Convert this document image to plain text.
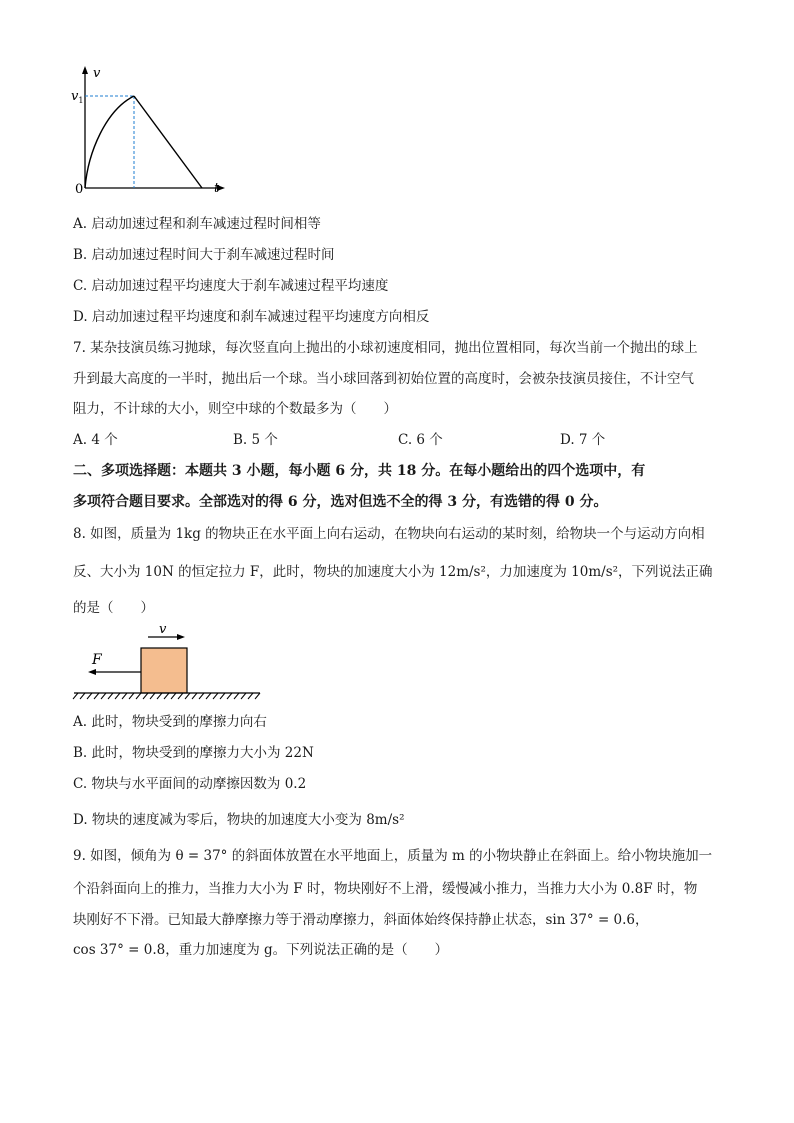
v
$v_1$
0	t
A. 启动加速过程和刹车减速过程时间相等
B. 启动加速过程时间大于刹车减速过程时间
C. 启动加速过程平均速度大于刹车减速过程平均速度
D. 启动加速过程平均速度和刹车减速过程平均速度方向相反
7. 某杂技演员练习抛球，每次竖直向上抛出的小球初速度相同，抛出位置相同，每次当前一个抛出的球上
升到最大高度的一半时，抛出后一个球。当小球回落到初始位置的高度时，会被杂技演员接住，不计空气
阻力，不计球的大小，则空中球的个数最多为（　　）
A. 4 个	B. 5 个	C. 6 个	D. 7 个
二、多项选择题：本题共 3 小题，每小题 6 分，共 18 分。在每小题给出的四个选项中，有
多项符合题目要求。全部选对的得 6 分，选对但选不全的得 3 分，有选错的得 0 分。
8. 如图，质量为 1kg 的物块正在水平面上向右运动，在物块向右运动的某时刻，给物块一个与运动方向相
反、大小为 10N 的恒定拉力 F，此时，物块的加速度大小为 12m/s²，力加速度为 10m/s²，下列说法正确
的是（　　）
v
F
A. 此时，物块受到的摩擦力向右
B. 此时，物块受到的摩擦力大小为 22N
C. 物块与水平面间的动摩擦因数为 0.2
D. 物块的速度减为零后，物块的加速度大小变为 8m/s²
9. 如图，倾角为 θ = 37° 的斜面体放置在水平地面上，质量为 m 的小物块静止在斜面上。给小物块施加一
个沿斜面向上的推力，当推力大小为 F 时，物块刚好不上滑，缓慢减小推力，当推力大小为 0.8F 时，物
块刚好不下滑。已知最大静摩擦力等于滑动摩擦力，斜面体始终保持静止状态，sin 37° = 0.6，
cos 37° = 0.8，重力加速度为 g。下列说法正确的是（　　）
